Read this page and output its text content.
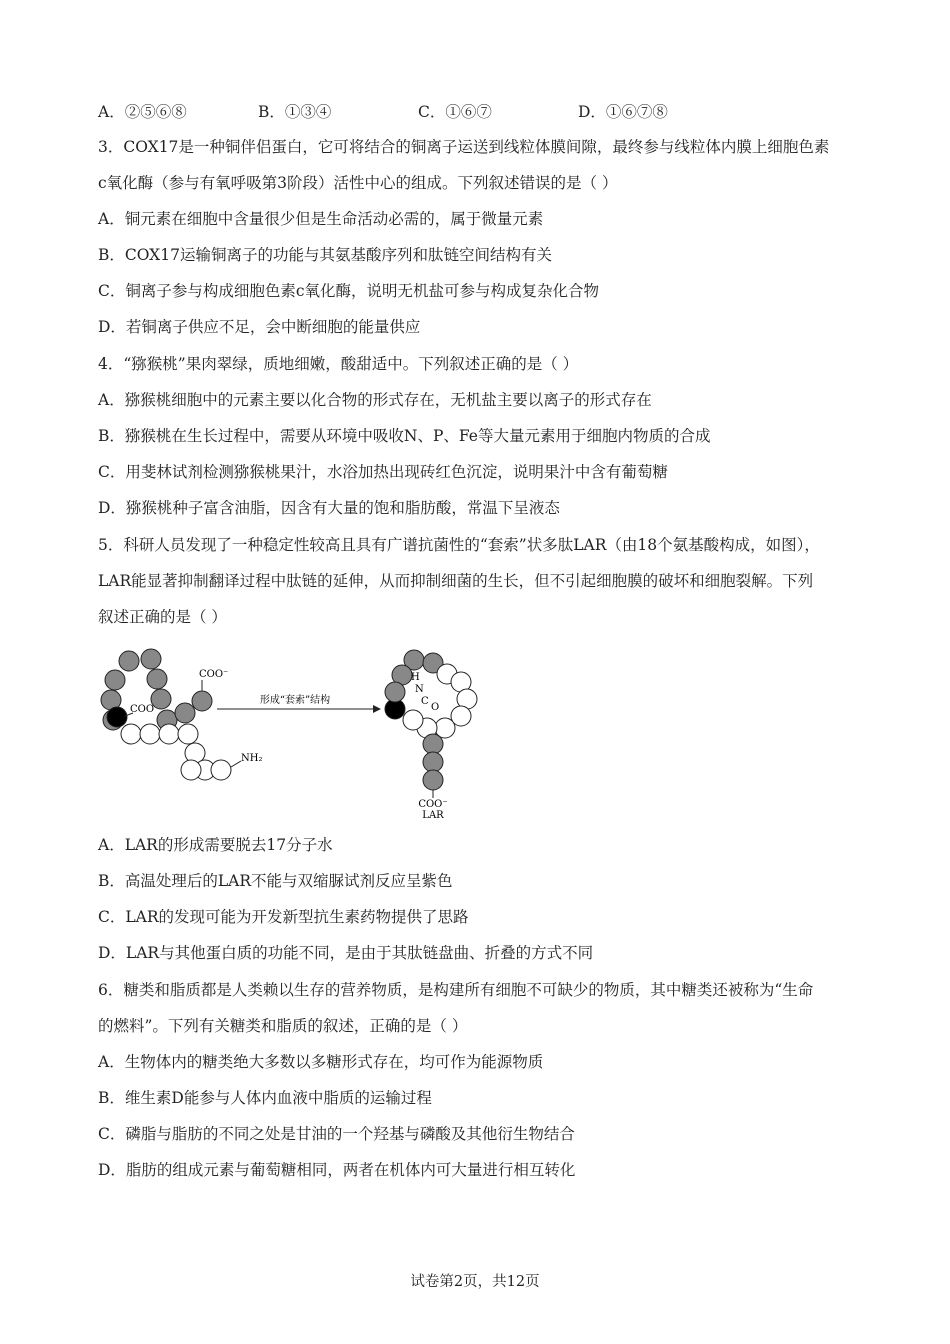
A．②⑤⑥⑧	B．①③④	C．①⑥⑦	D．①⑥⑦⑧
3．COX17是一种铜伴侣蛋白，它可将结合的铜离子运送到线粒体膜间隙，最终参与线粒体内膜上细胞色素
c氧化酶（参与有氧呼吸第3阶段）活性中心的组成。下列叙述错误的是（ ）
A．铜元素在细胞中含量很少但是生命活动必需的，属于微量元素
B．COX17运输铜离子的功能与其氨基酸序列和肽链空间结构有关
C．铜离子参与构成细胞色素c氧化酶，说明无机盐可参与构成复杂化合物
D．若铜离子供应不足，会中断细胞的能量供应
4．“猕猴桃”果肉翠绿，质地细嫩，酸甜适中。下列叙述正确的是（ ）
A．猕猴桃细胞中的元素主要以化合物的形式存在，无机盐主要以离子的形式存在
B．猕猴桃在生长过程中，需要从环境中吸收N、P、Fe等大量元素用于细胞内物质的合成
C．用斐林试剂检测猕猴桃果汁，水浴加热出现砖红色沉淀，说明果汁中含有葡萄糖
D．猕猴桃种子富含油脂，因含有大量的饱和脂肪酸，常温下呈液态
5．科研人员发现了一种稳定性较高且具有广谱抗菌性的“套索”状多肽LAR（由18个氨基酸构成，如图），
LAR能显著抑制翻译过程中肽链的延伸，从而抑制细菌的生长，但不引起细胞膜的破坏和细胞裂解。下列
叙述正确的是（ ）
COO⁻
COO
NH₂
形成“套索”结构
H
N
C
O
COO⁻
LAR
A．LAR的形成需要脱去17分子水
B．高温处理后的LAR不能与双缩脲试剂反应呈紫色
C．LAR的发现可能为开发新型抗生素药物提供了思路
D．LAR与其他蛋白质的功能不同，是由于其肽链盘曲、折叠的方式不同
6．糖类和脂质都是人类赖以生存的营养物质，是构建所有细胞不可缺少的物质，其中糖类还被称为“生命
的燃料”。下列有关糖类和脂质的叙述，正确的是（ ）
A．生物体内的糖类绝大多数以多糖形式存在，均可作为能源物质
B．维生素D能参与人体内血液中脂质的运输过程
C．磷脂与脂肪的不同之处是甘油的一个羟基与磷酸及其他衍生物结合
D．脂肪的组成元素与葡萄糖相同，两者在机体内可大量进行相互转化
试卷第2页，共12页
